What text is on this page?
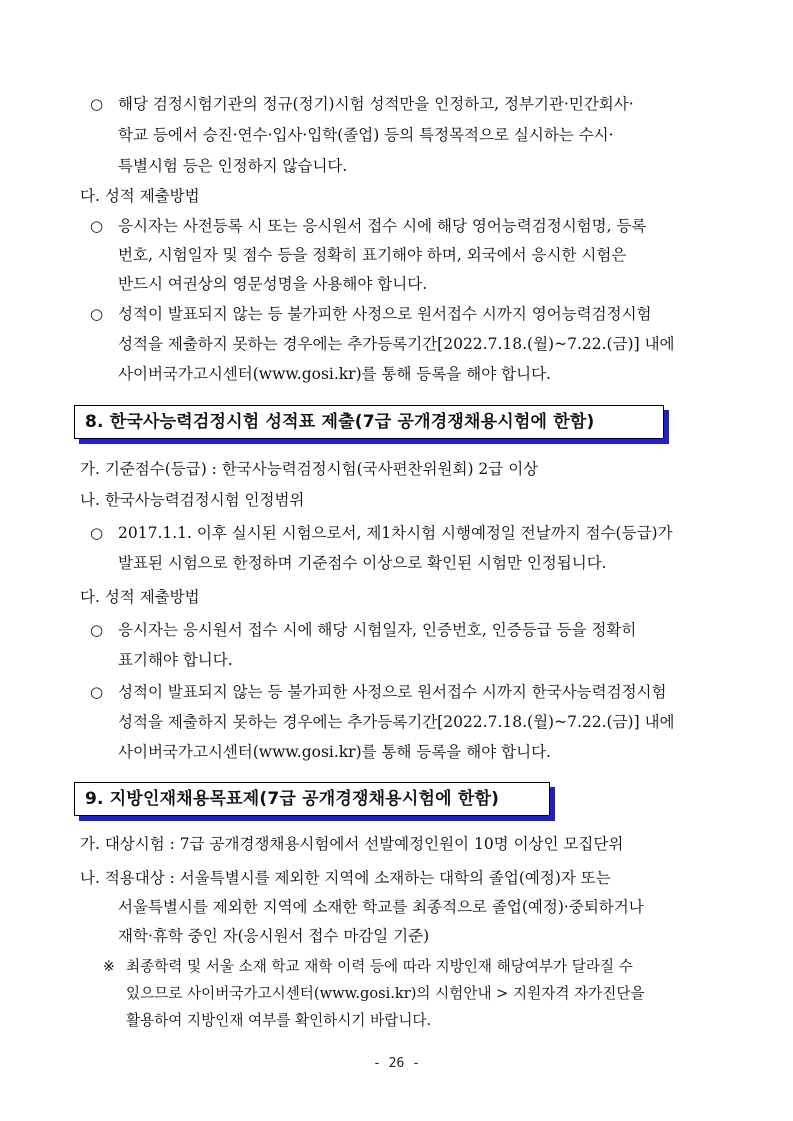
○ 해당 검정시험기관의 정규(정기)시험 성적만을 인정하고, 정부기관·민간회사·
학교 등에서 승진·연수·입사·입학(졸업) 등의 특정목적으로 실시하는 수시·
특별시험 등은 인정하지 않습니다.
다. 성적 제출방법
○ 응시자는 사전등록 시 또는 응시원서 접수 시에 해당 영어능력검정시험명, 등록
번호, 시험일자 및 점수 등을 정확히 표기해야 하며, 외국에서 응시한 시험은
반드시 여권상의 영문성명을 사용해야 합니다.
○ 성적이 발표되지 않는 등 불가피한 사정으로 원서접수 시까지 영어능력검정시험
성적을 제출하지 못하는 경우에는 추가등록기간[2022.7.18.(월)~7.22.(금)] 내에
사이버국가고시센터(www.gosi.kr)를 통해 등록을 해야 합니다.
8. 한국사능력검정시험 성적표 제출(7급 공개경쟁채용시험에 한함)
가. 기준점수(등급) : 한국사능력검정시험(국사편찬위원회) 2급 이상
나. 한국사능력검정시험 인정범위
○ 2017.1.1. 이후 실시된 시험으로서, 제1차시험 시행예정일 전날까지 점수(등급)가
발표된 시험으로 한정하며 기준점수 이상으로 확인된 시험만 인정됩니다.
다. 성적 제출방법
○ 응시자는 응시원서 접수 시에 해당 시험일자, 인증번호, 인증등급 등을 정확히
표기해야 합니다.
○ 성적이 발표되지 않는 등 불가피한 사정으로 원서접수 시까지 한국사능력검정시험
성적을 제출하지 못하는 경우에는 추가등록기간[2022.7.18.(월)~7.22.(금)] 내에
사이버국가고시센터(www.gosi.kr)를 통해 등록을 해야 합니다.
9. 지방인재채용목표제(7급 공개경쟁채용시험에 한함)
가. 대상시험 : 7급 공개경쟁채용시험에서 선발예정인원이 10명 이상인 모집단위
나. 적용대상 : 서울특별시를 제외한 지역에 소재하는 대학의 졸업(예정)자 또는
서울특별시를 제외한 지역에 소재한 학교를 최종적으로 졸업(예정)·중퇴하거나
재학·휴학 중인 자(응시원서 접수 마감일 기준)
※ 최종학력 및 서울 소재 학교 재학 이력 등에 따라 지방인재 해당여부가 달라질 수
있으므로 사이버국가고시센터(www.gosi.kr)의 시험안내 > 지원자격 자가진단을
활용하여 지방인재 여부를 확인하시기 바랍니다.
- 26 -
